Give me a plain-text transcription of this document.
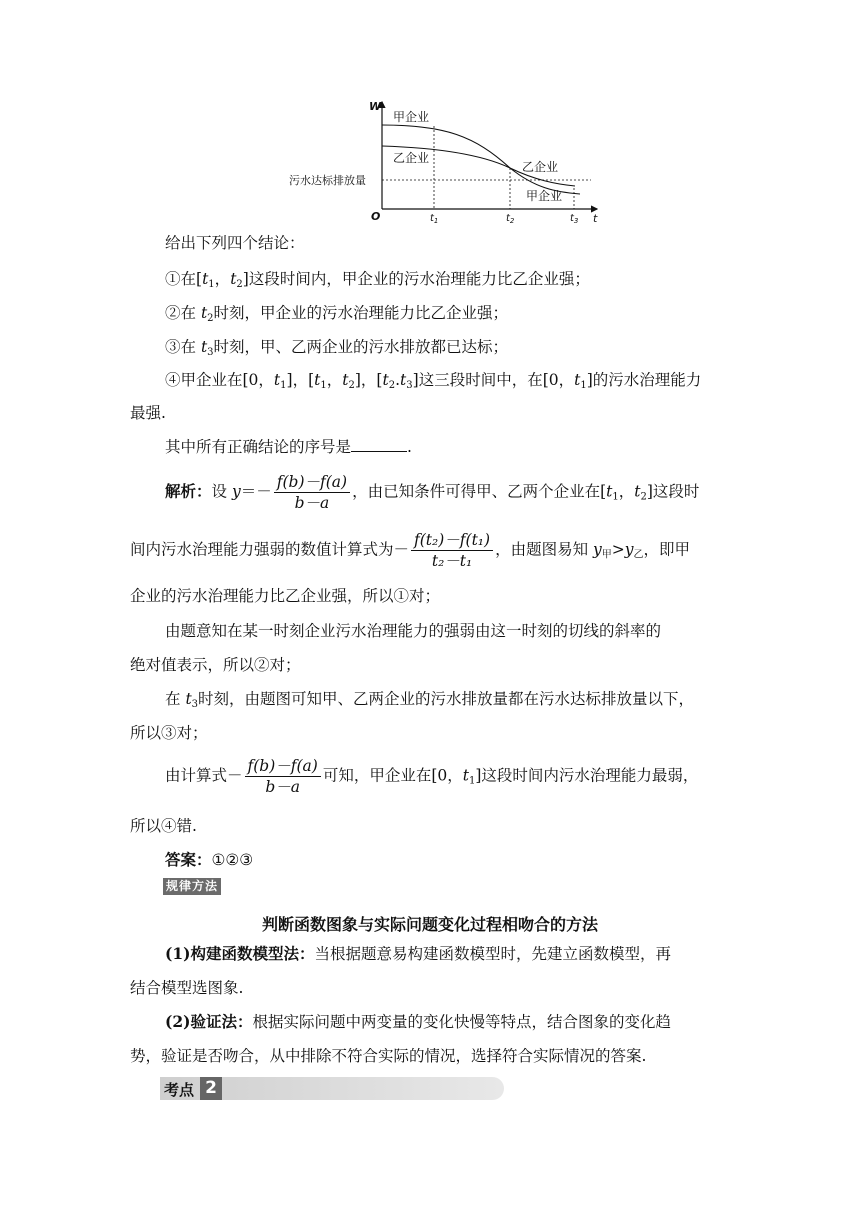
W
t
O
污水达标排放量
甲企业
乙企业
乙企业
甲企业
$t_1$	$t_2$	$t_3$
给出下列四个结论：
①在[$t_1$，$t_2$]这段时间内，甲企业的污水治理能力比乙企业强；
②在 $t_2$时刻，甲企业的污水治理能力比乙企业强；
③在 $t_3$时刻，甲、乙两企业的污水排放都已达标；
④甲企业在[0，$t_1$]，[$t_1$，$t_2$]，$[t_2.t_3]$这三段时间中，在[0，$t_1$]的污水治理能力
最强.
其中所有正确结论的序号是	.
解析：设 $y=- \frac{f(b)-f(a)}{b-a}$ ，由已知条件可得甲、乙两个企业在[$t_1$，$t_2$]这段时
间内污水治理能力强弱的数值计算式为－ $\frac{\text{f(t₂)－f(t₁)}}{\text{t₂－t₁}}$ ，由题图易知 $y_甲>y_乙$，即甲
企业的污水治理能力比乙企业强，所以①对；
由题意知在某一时刻企业污水治理能力的强弱由这一时刻的切线的斜率的
绝对值表示，所以②对；
在 $t_3$时刻，由题图可知甲、乙两企业的污水排放量都在污水达标排放量以下，
所以③对；
由计算式－ $\frac{f(b)-f(a)}{b-a}$ 可知，甲企业在[0，$t_1$]这段时间内污水治理能力最弱，
所以④错.
答案：①②③
规律方法
判断函数图象与实际问题变化过程相吻合的方法
(1)构建函数模型法：当根据题意易构建函数模型时，先建立函数模型，再
结合模型选图象.
(2)验证法：根据实际问题中两变量的变化快慢等特点，结合图象的变化趋
势，验证是否吻合，从中排除不符合实际的情况，选择符合实际情况的答案.
考点 2
